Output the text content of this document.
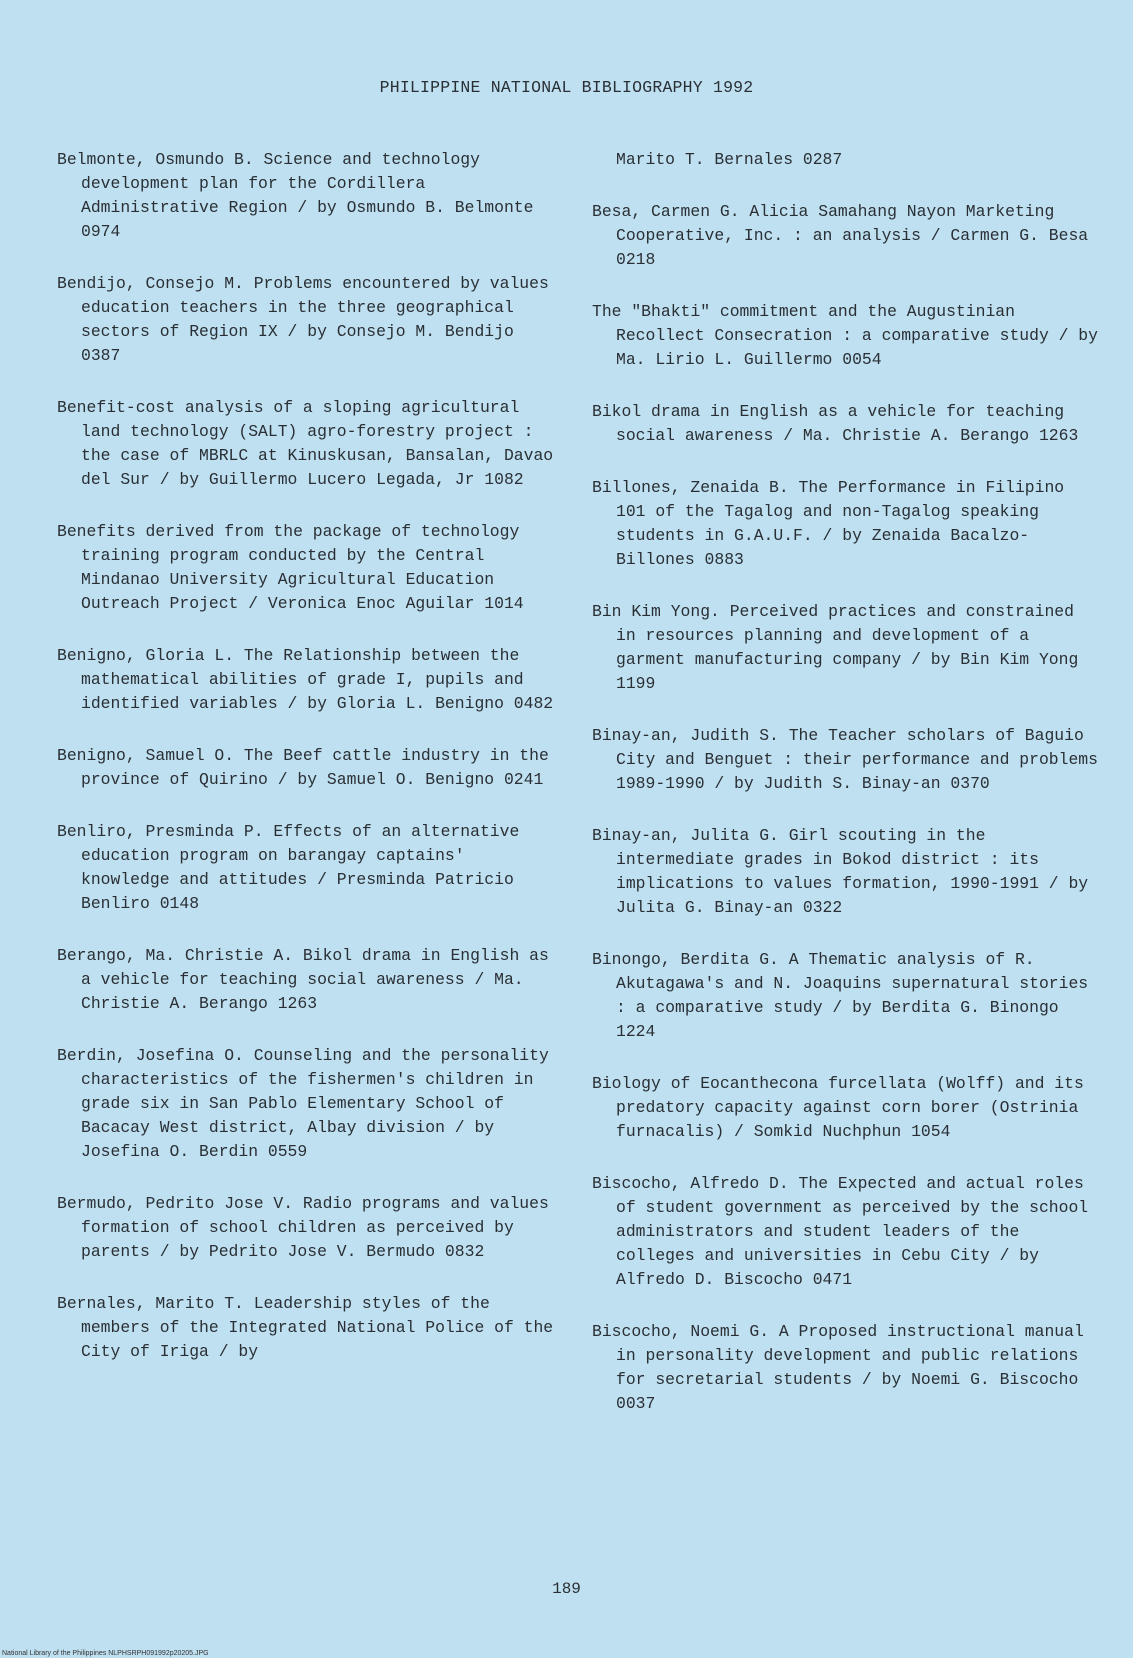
PHILIPPINE NATIONAL BIBLIOGRAPHY 1992

Belmonte, Osmundo B. Science and technology development plan for the Cordillera Administrative Region / by Osmundo B. Belmonte 0974

Bendijo, Consejo M. Problems encountered by values education teachers in the three geographical sectors of Region IX / by Consejo M. Bendijo 0387

Benefit-cost analysis of a sloping agricultural land technology (SALT) agro-forestry project : the case of MBRLC at Kinuskusan, Bansalan, Davao del Sur / by Guillermo Lucero Legada, Jr 1082

Benefits derived from the package of technology training program conducted by the Central Mindanao University Agricultural Education Outreach Project / Veronica Enoc Aguilar 1014

Benigno, Gloria L. The Relationship between the mathematical abilities of grade I, pupils and identified variables / by Gloria L. Benigno 0482

Benigno, Samuel O. The Beef cattle industry in the province of Quirino / by Samuel O. Benigno 0241

Benliro, Presminda P. Effects of an alternative education program on barangay captains' knowledge and attitudes / Presminda Patricio Benliro 0148

Berango, Ma. Christie A. Bikol drama in English as a vehicle for teaching social awareness / Ma. Christie A. Berango 1263

Berdin, Josefina O. Counseling and the personality characteristics of the fishermen's children in grade six in San Pablo Elementary School of Bacacay West district, Albay division / by Josefina O. Berdin 0559

Bermudo, Pedrito Jose V. Radio programs and values formation of school children as perceived by parents / by Pedrito Jose V. Bermudo 0832

Bernales, Marito T. Leadership styles of the members of the Integrated National Police of the City of Iriga / by

Marito T. Bernales 0287

Besa, Carmen G. Alicia Samahang Nayon Marketing Cooperative, Inc. : an analysis / Carmen G. Besa 0218

The "Bhakti" commitment and the Augustinian Recollect Consecration : a comparative study / by Ma. Lirio L. Guillermo 0054

Bikol drama in English as a vehicle for teaching social awareness / Ma. Christie A. Berango 1263

Billones, Zenaida B. The Performance in Filipino 101 of the Tagalog and non-Tagalog speaking students in G.A.U.F. / by Zenaida Bacalzo-Billones 0883

Bin Kim Yong. Perceived practices and constrained in resources planning and development of a garment manufacturing company / by Bin Kim Yong 1199

Binay-an, Judith S. The Teacher scholars of Baguio City and Benguet : their performance and problems 1989-1990 / by Judith S. Binay-an 0370

Binay-an, Julita G. Girl scouting in the intermediate grades in Bokod district : its implications to values formation, 1990-1991 / by Julita G. Binay-an 0322

Binongo, Berdita G. A Thematic analysis of R. Akutagawa's and N. Joaquins supernatural stories : a comparative study / by Berdita G. Binongo 1224

Biology of Eocanthecona furcellata (Wolff) and its predatory capacity against corn borer (Ostrinia furnacalis) / Somkid Nuchphun 1054

Biscocho, Alfredo D. The Expected and actual roles of student government as perceived by the school administrators and student leaders of the colleges and universities in Cebu City / by Alfredo D. Biscocho 0471

Biscocho, Noemi G. A Proposed instructional manual in personality development and public relations for secretarial students / by Noemi G. Biscocho 0037

189
National Library of the Philippines NLPHSRPH091992p20205.JPG
